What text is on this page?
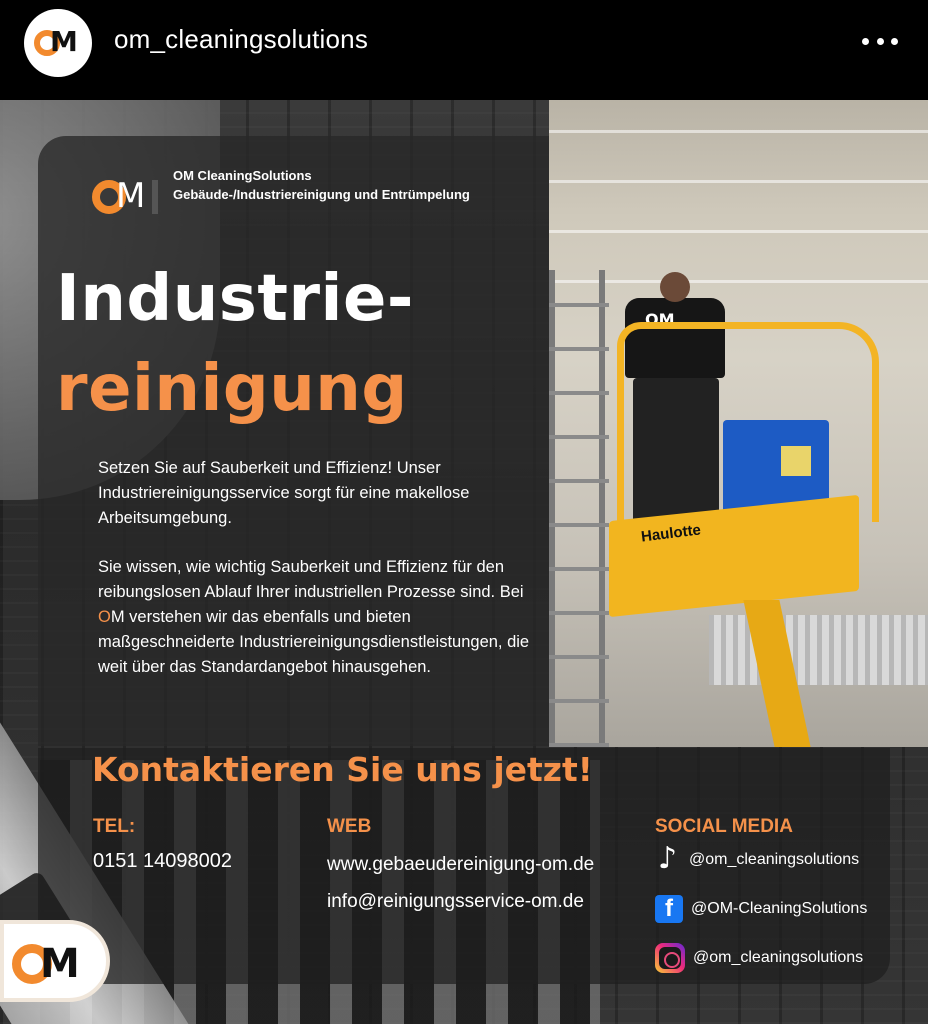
M om_cleaningsolutions
M
OM CleaningSolutions
Gebäude-/Industriereinigung und Entrümpelung
Industrie-
reinigung

Setzen Sie auf Sauberkeit und Effizienz! Unser Industriereinigungsservice sorgt für eine makellose Arbeitsumgebung.

Sie wissen, wie wichtig Sauberkeit und Effizienz für den reibungslosen Ablauf Ihrer industriellen Prozesse sind. Bei OM verstehen wir das ebenfalls und bieten maßgeschneiderte Industriereinigungsdienstleistungen, die weit über das Standardangebot hinausgehen.

OM
Haulotte
Kontaktieren Sie uns jetzt!
TEL:
0151 14098002
WEB
www.gebaeudereinigung-om.de
info@reinigungsservice-om.de
SOCIAL MEDIA
♪
@om_cleaningsolutions
f	@OM-CleaningSolutions
@om_cleaningsolutions
M
